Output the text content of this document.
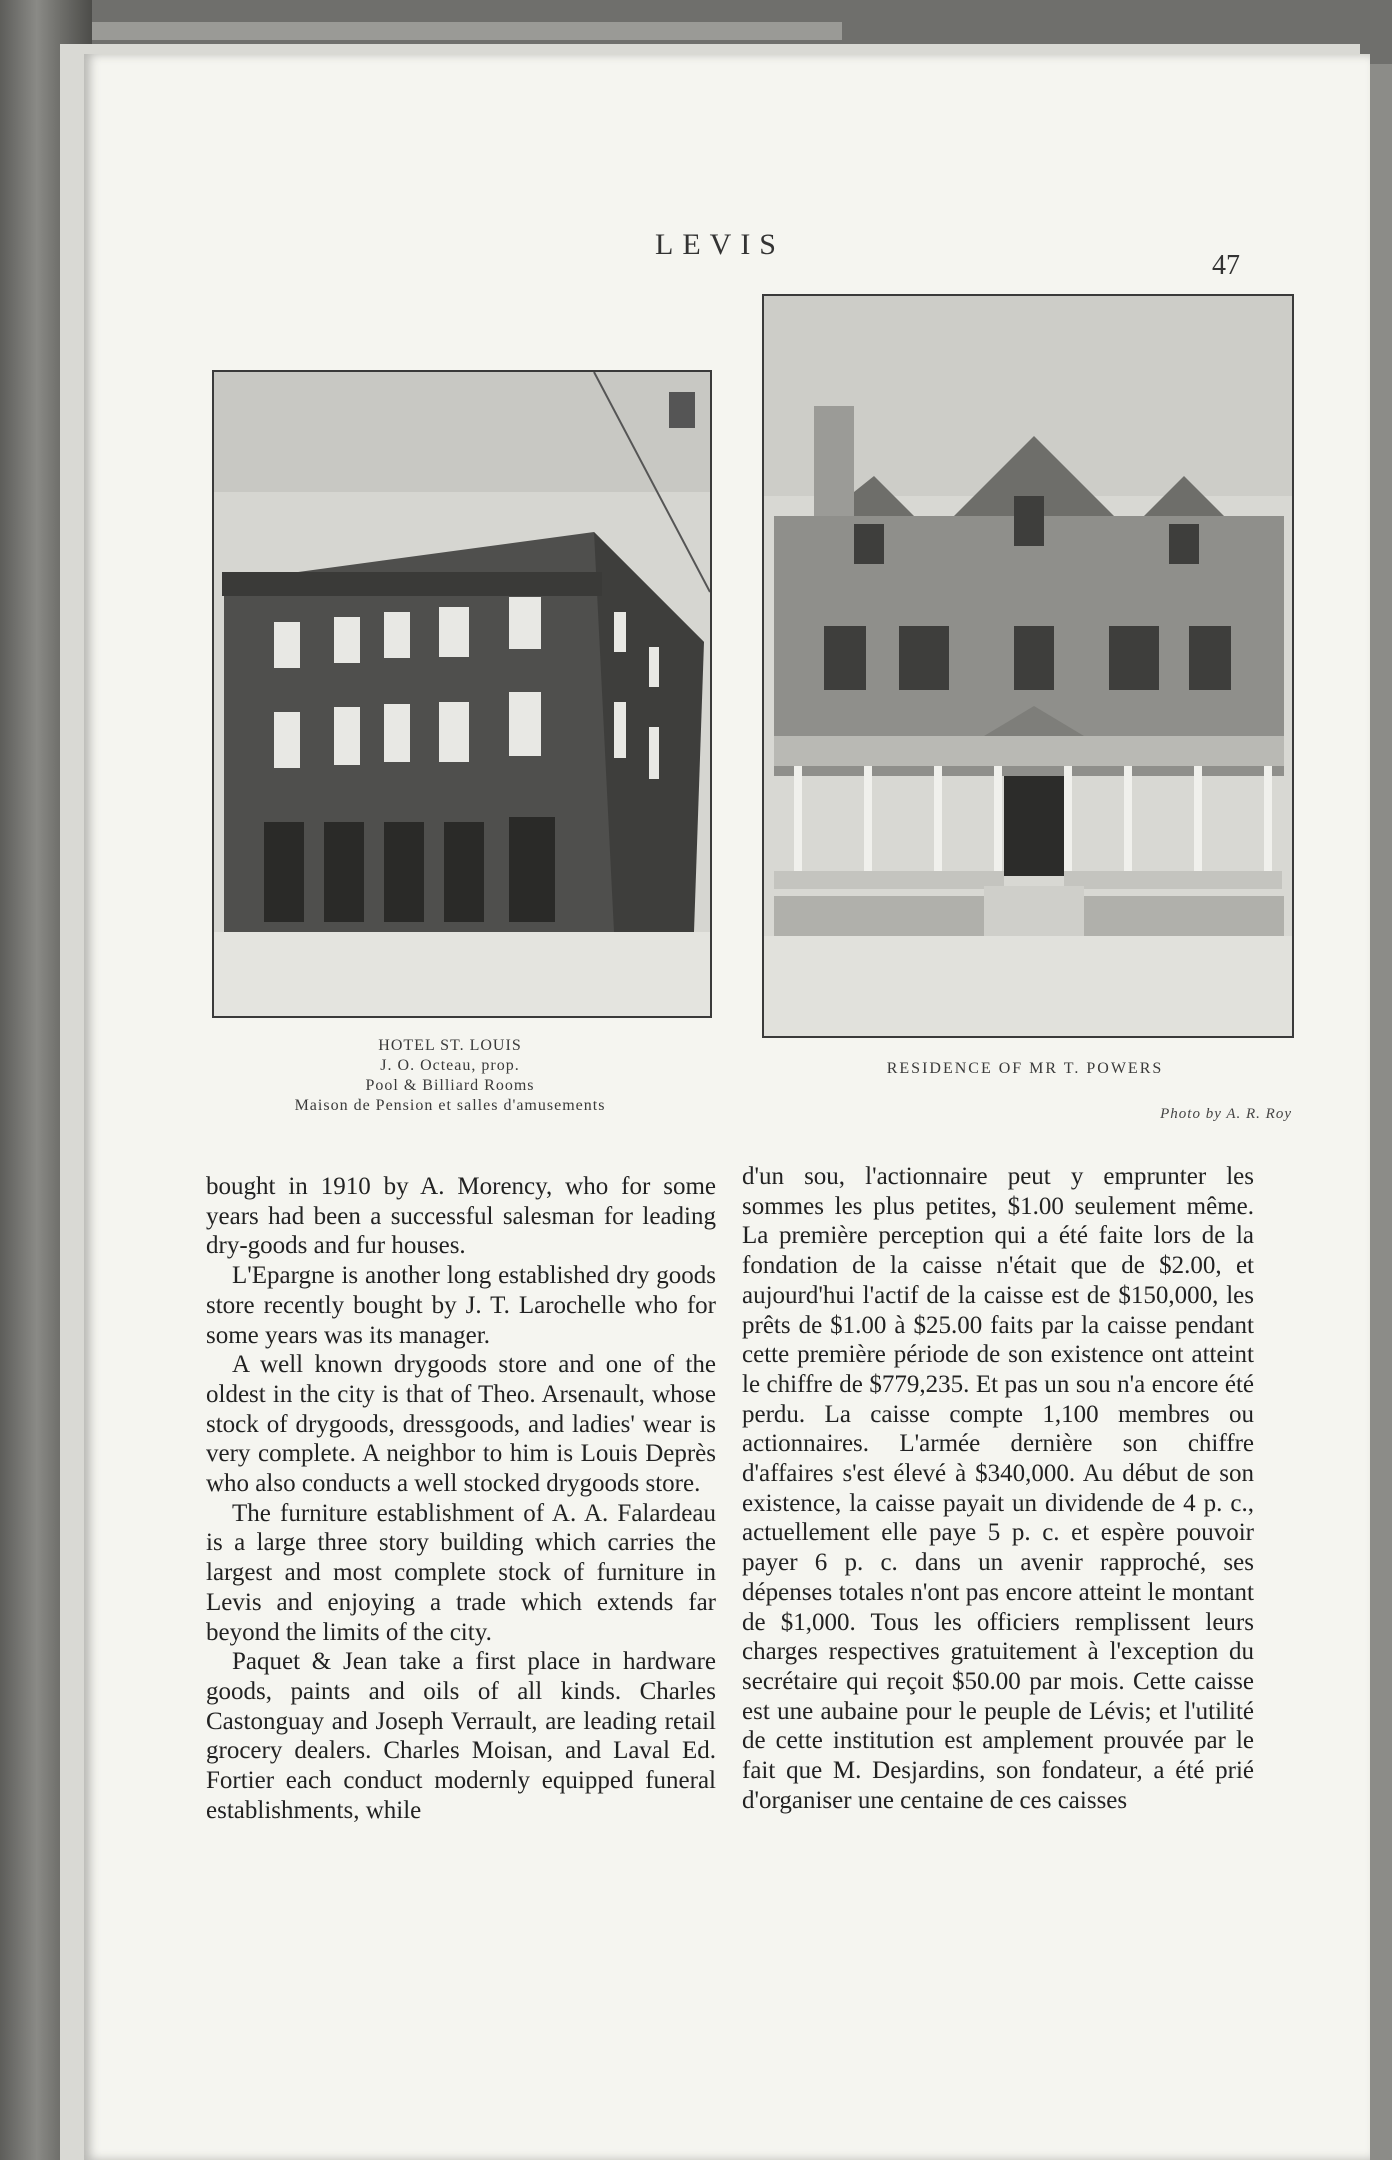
LEVIS
47
HOTEL ST. LOUIS
J. O. Octeau, prop.
Pool & Billiard Rooms
Maison de Pension et salles d'amusements
RESIDENCE OF MR T. POWERS
Photo by A. R. Roy

bought in 1910 by A. Morency, who for some years had been a successful salesman for leading dry-goods and fur houses.

L'Epargne is another long established dry goods store recently bought by J. T. Larochelle who for some years was its manager.

A well known drygoods store and one of the oldest in the city is that of Theo. Arsenault, whose stock of drygoods, dressgoods, and ladies' wear is very complete. A neighbor to him is Louis Deprès who also conducts a well stocked drygoods store.

The furniture establishment of A. A. Falardeau is a large three story building which carries the largest and most complete stock of furniture in Levis and enjoying a trade which extends far beyond the limits of the city.

Paquet & Jean take a first place in hardware goods, paints and oils of all kinds. Charles Castonguay and Joseph Verrault, are leading retail grocery dealers. Charles Moisan, and Laval Ed. Fortier each conduct modernly equipped funeral establishments, while

d'un sou, l'actionnaire peut y emprunter les sommes les plus petites, $1.00 seulement même. La première perception qui a été faite lors de la fondation de la caisse n'était que de $2.00, et aujourd'hui l'actif de la caisse est de $150,000, les prêts de $1.00 à $25.00 faits par la caisse pendant cette première période de son existence ont atteint le chiffre de $779,235. Et pas un sou n'a encore été perdu. La caisse compte 1,100 membres ou actionnaires. L'armée dernière son chiffre d'affaires s'est élevé à $340,000. Au début de son existence, la caisse payait un dividende de 4 p. c., actuellement elle paye 5 p. c. et espère pouvoir payer 6 p. c. dans un avenir rapproché, ses dépenses totales n'ont pas encore atteint le montant de $1,000. Tous les officiers remplissent leurs charges respectives gratuitement à l'exception du secrétaire qui reçoit $50.00 par mois. Cette caisse est une aubaine pour le peuple de Lévis; et l'utilité de cette institution est amplement prouvée par le fait que M. Desjardins, son fondateur, a été prié d'organiser une centaine de ces caisses
